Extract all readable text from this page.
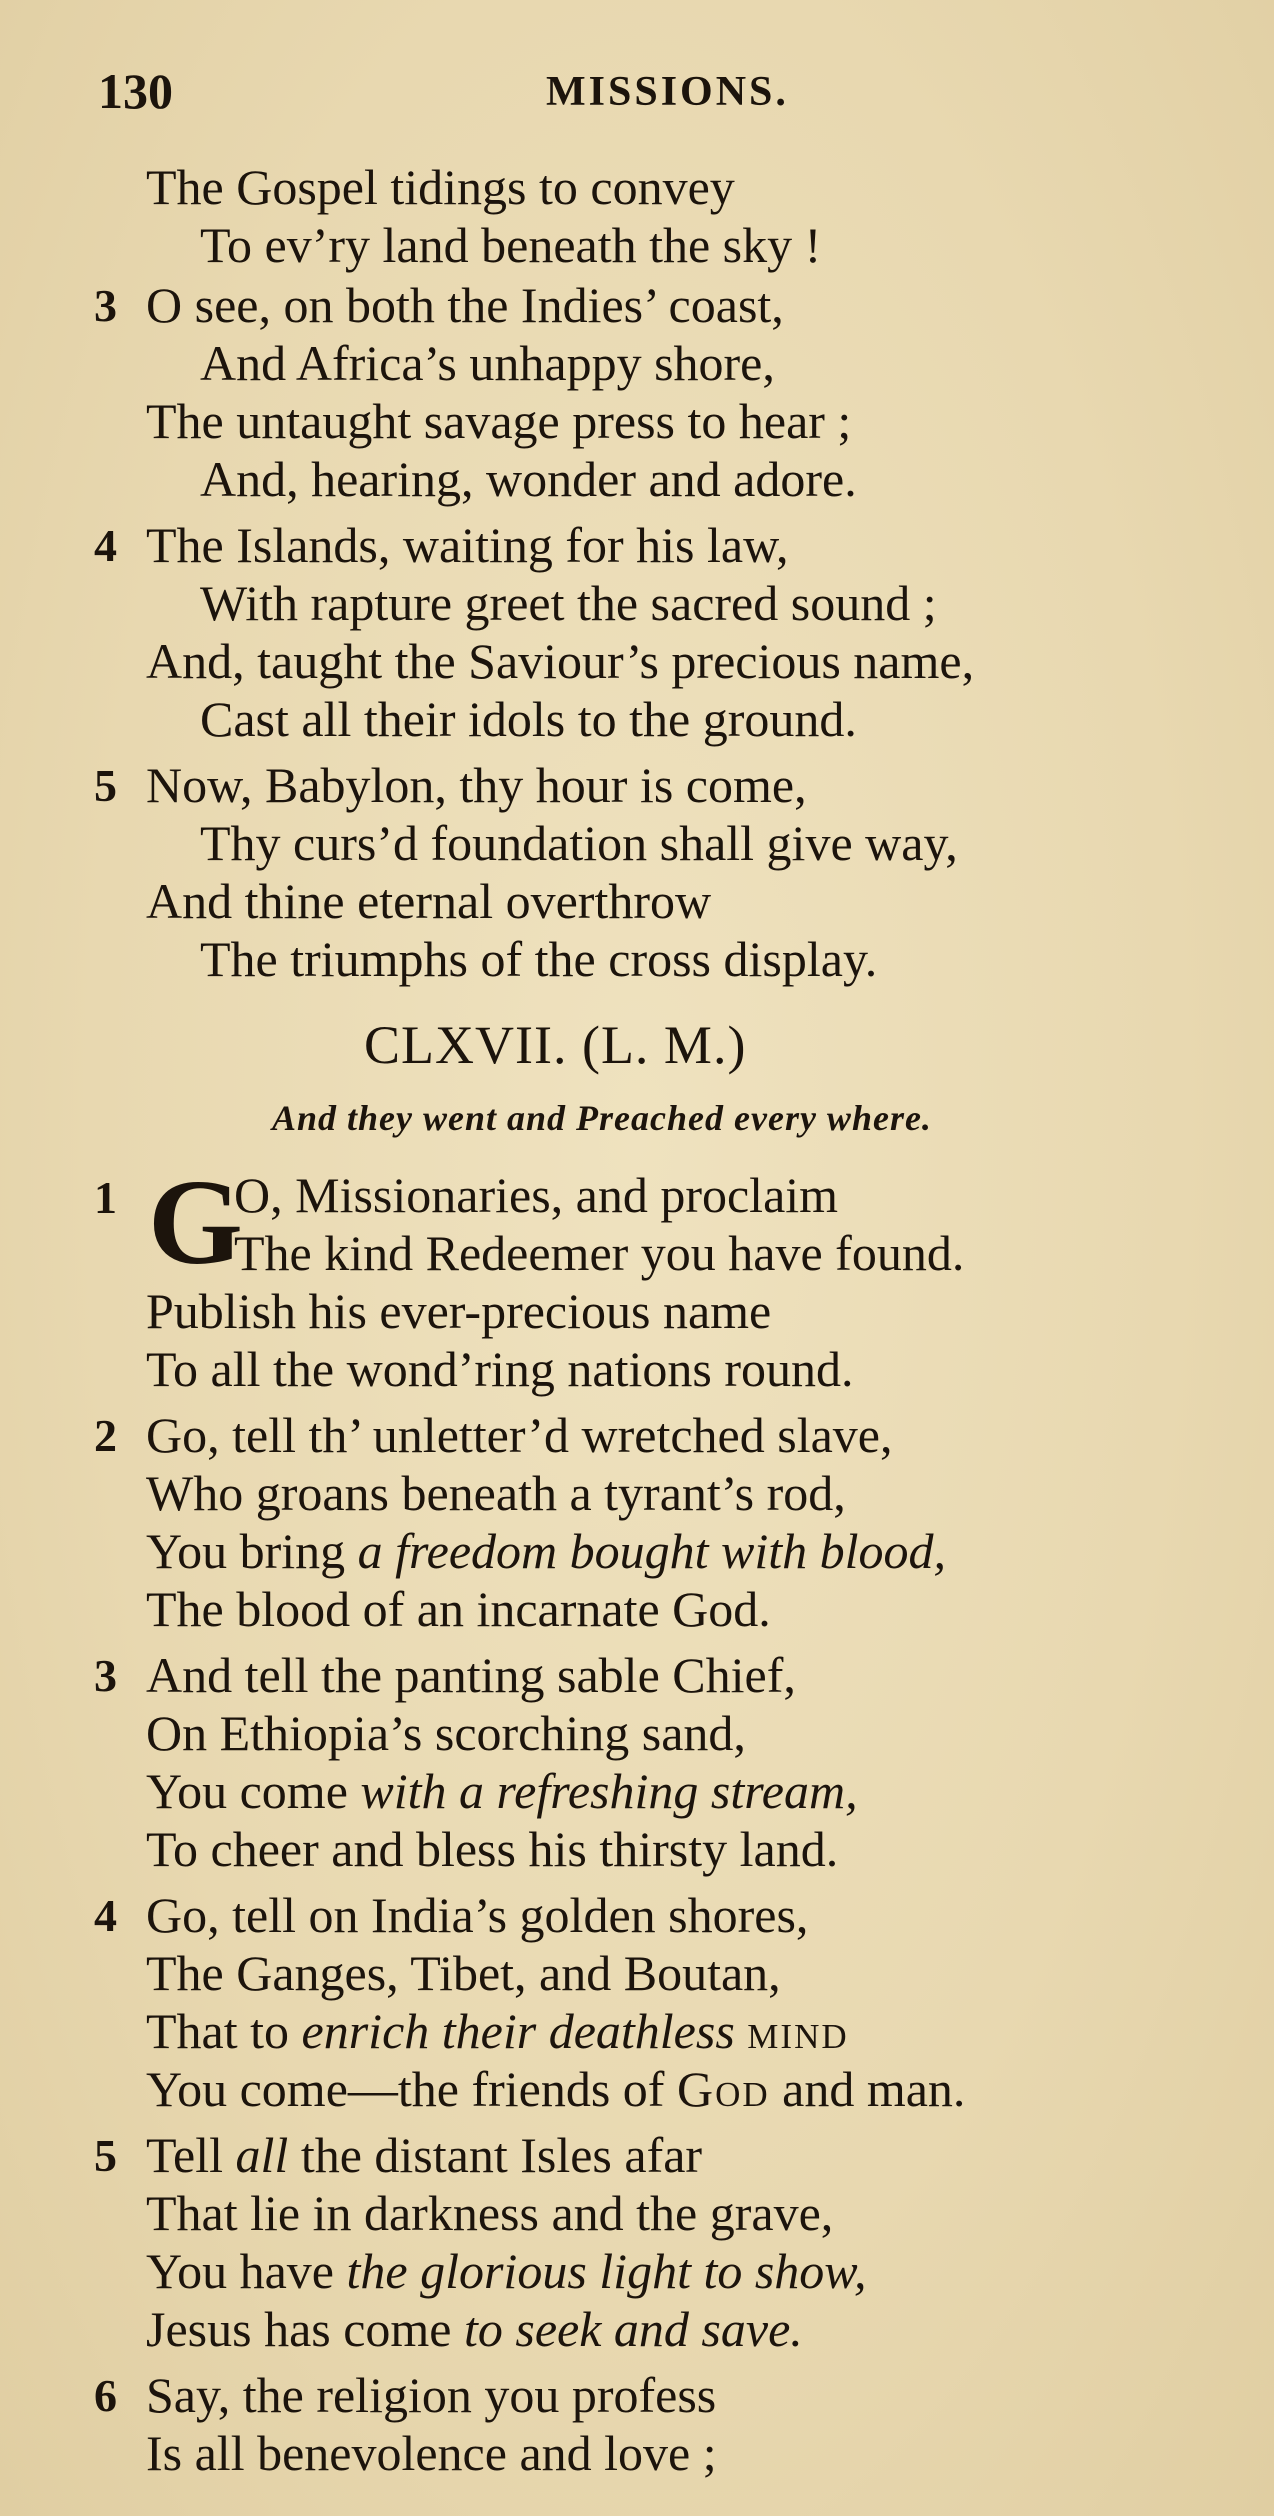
130	MISSIONS.
The Gospel tidings to convey
To ev’ry land beneath the sky !
3 O see, on both the Indies’ coast,
And Africa’s unhappy shore,
The untaught savage press to hear ;
And, hearing, wonder and adore.
4 The Islands, waiting for his law,
With rapture greet the sacred sound ;
And, taught the Saviour’s precious name,
Cast all their idols to the ground.
5 Now, Babylon, thy hour is come,
Thy curs’d foundation shall give way,
And thine eternal overthrow
The triumphs of the cross display.
CLXVII. (L. M.)
And they went and Preached every where.
1 G
O, Missionaries, and proclaim
The kind Redeemer you have found.
Publish his ever-precious name
To all the wond’ring nations round.
2 Go, tell th’ unletter’d wretched slave,
Who groans beneath a tyrant’s rod,
You bring a freedom bought with blood,
The blood of an incarnate God.
3 And tell the panting sable Chief,
On Ethiopia’s scorching sand,
You come with a refreshing stream,
To cheer and bless his thirsty land.
4 Go, tell on India’s golden shores,
The Ganges, Tibet, and Boutan,
That to enrich their deathless mind
You come—the friends of God and man.
5 Tell all the distant Isles afar
That lie in darkness and the grave,
You have the glorious light to show,
Jesus has come to seek and save.
6 Say, the religion you profess
Is all benevolence and love ;
